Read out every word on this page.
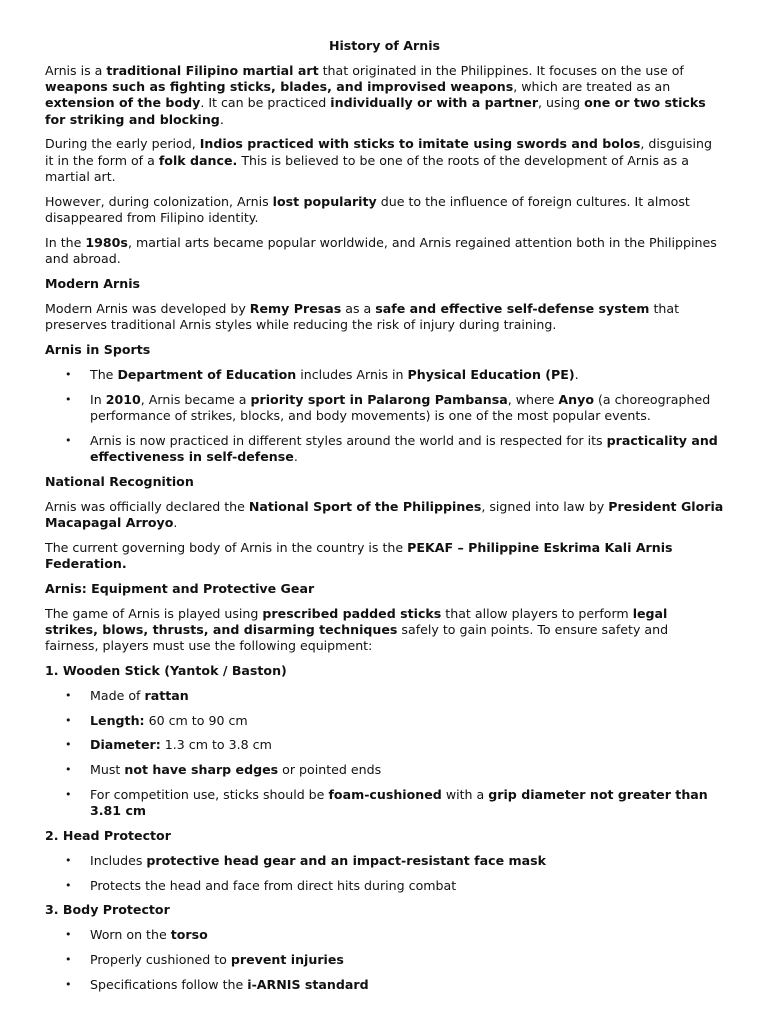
History of Arnis

Arnis is a traditional Filipino martial art that originated in the Philippines. It focuses on the use of weapons such as fighting sticks, blades, and improvised weapons, which are treated as an extension of the body. It can be practiced individually or with a partner, using one or two sticks for striking and blocking.

During the early period, Indios practiced with sticks to imitate using swords and bolos, disguising it in the form of a folk dance. This is believed to be one of the roots of the development of Arnis as a martial art.

However, during colonization, Arnis lost popularity due to the influence of foreign cultures. It almost disappeared from Filipino identity.

In the 1980s, martial arts became popular worldwide, and Arnis regained attention both in the Philippines and abroad.

Modern Arnis

Modern Arnis was developed by Remy Presas as a safe and effective self-defense system that preserves traditional Arnis styles while reducing the risk of injury during training.

Arnis in Sports
• The Department of Education includes Arnis in Physical Education (PE).
• In 2010, Arnis became a priority sport in Palarong Pambansa, where Anyo (a choreographed performance of strikes, blocks, and body movements) is one of the most popular events.
• Arnis is now practiced in different styles around the world and is respected for its practicality and effectiveness in self-defense.
National Recognition

Arnis was officially declared the National Sport of the Philippines, signed into law by President Gloria Macapagal Arroyo.

The current governing body of Arnis in the country is the PEKAF – Philippine Eskrima Kali Arnis Federation.

Arnis: Equipment and Protective Gear

The game of Arnis is played using prescribed padded sticks that allow players to perform legal strikes, blows, thrusts, and disarming techniques safely to gain points. To ensure safety and fairness, players must use the following equipment:

1. Wooden Stick (Yantok / Baston)
• Made of rattan
• Length: 60 cm to 90 cm
• Diameter: 1.3 cm to 3.8 cm
• Must not have sharp edges or pointed ends
• For competition use, sticks should be foam-cushioned with a grip diameter not greater than 3.81 cm
2. Head Protector
• Includes protective head gear and an impact-resistant face mask
• Protects the head and face from direct hits during combat
3. Body Protector
• Worn on the torso
• Properly cushioned to prevent injuries
• Specifications follow the i-ARNIS standard
